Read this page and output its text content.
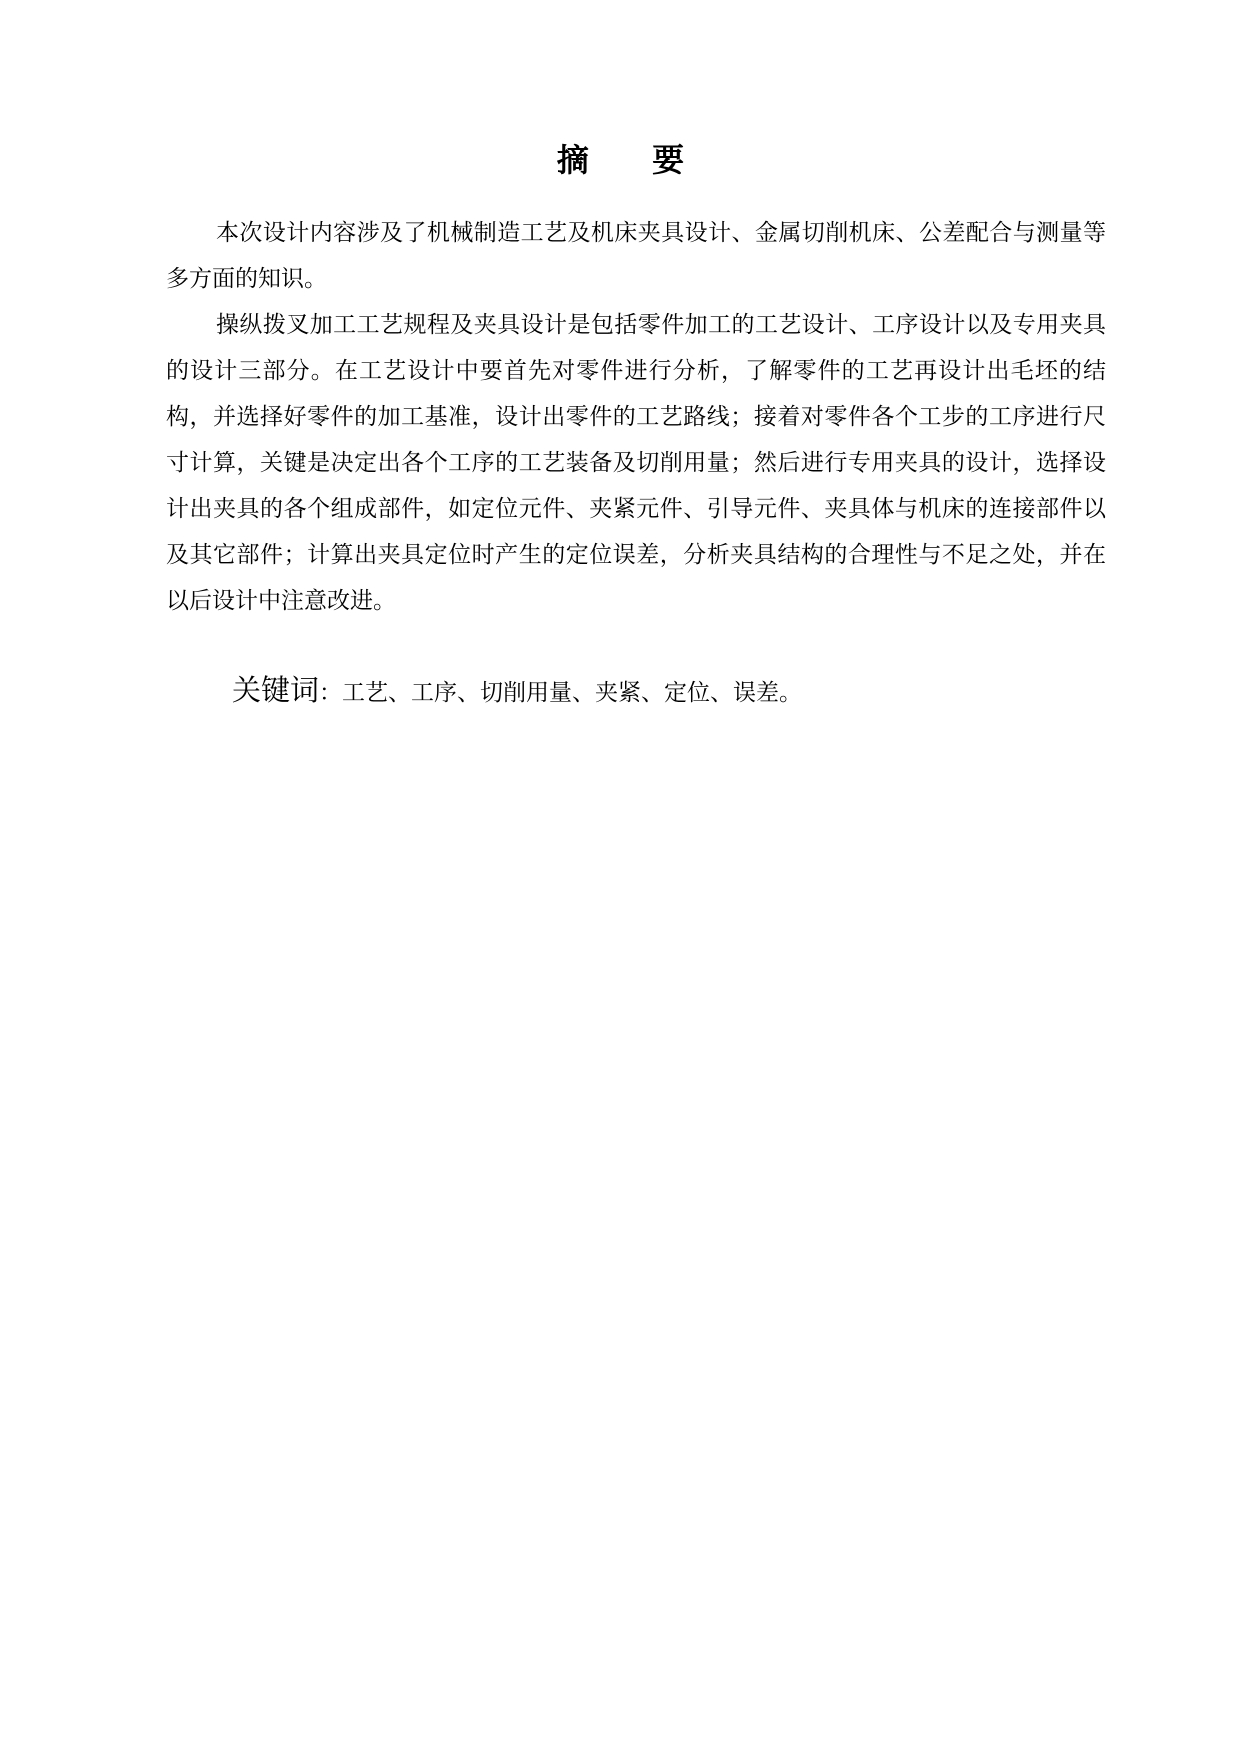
摘 要

本次设计内容涉及了机械制造工艺及机床夹具设计、金属切削机床、公差配合与测量等多方面的知识。

操纵拨叉加工工艺规程及夹具设计是包括零件加工的工艺设计、工序设计以及专用夹具的设计三部分。在工艺设计中要首先对零件进行分析，了解零件的工艺再设计出毛坯的结构，并选择好零件的加工基准，设计出零件的工艺路线；接着对零件各个工步的工序进行尺寸计算，关键是决定出各个工序的工艺装备及切削用量；然后进行专用夹具的设计，选择设计出夹具的各个组成部件，如定位元件、夹紧元件、引导元件、夹具体与机床的连接部件以及其它部件；计算出夹具定位时产生的定位误差，分析夹具结构的合理性与不足之处，并在以后设计中注意改进。

关键词：工艺、工序、切削用量、夹紧、定位、误差。
